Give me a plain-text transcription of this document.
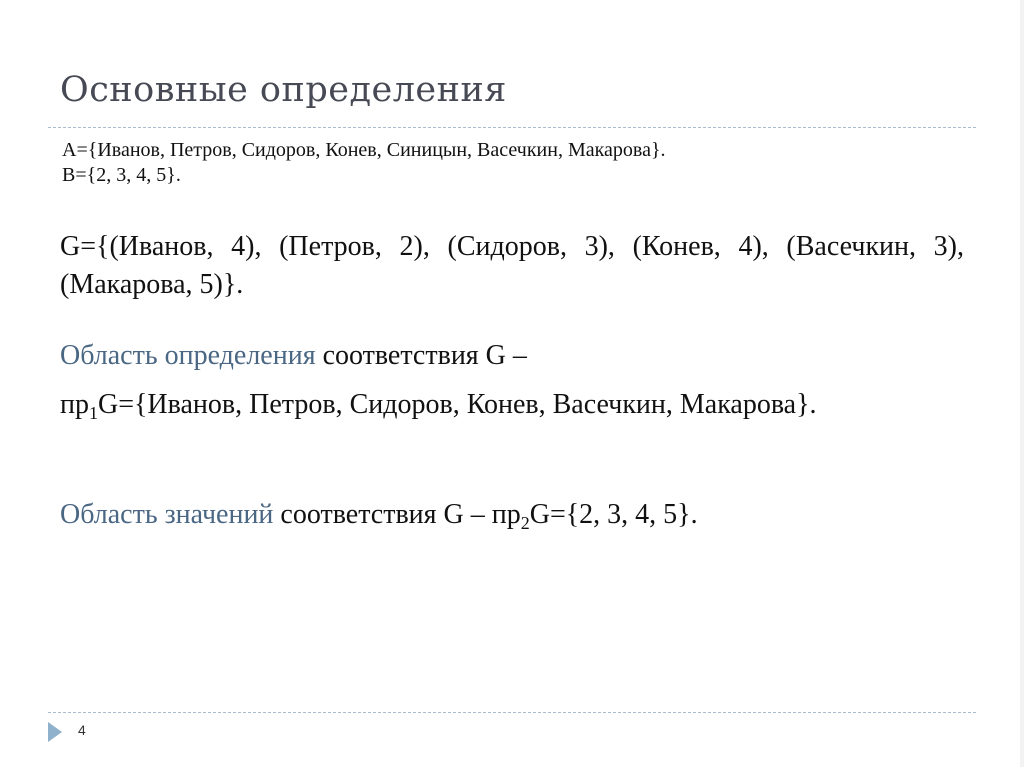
Основные определения
A={Иванов, Петров, Сидоров, Конев, Синицын, Васечкин, Макарова}.
B={2, 3, 4, 5}.
G={(Иванов, 4), (Петров, 2), (Сидоров, 3), (Конев, 4), (Васечкин, 3), (Макарова, 5)}.
Область определения соответствия G –
$пр_1G=\{Иванов$, Петров, Сидоров, Конев, Васечкин, Макарова}.
Область значений соответствия $G - пр_2G=\{2$, 3, 4, 5}.
4
